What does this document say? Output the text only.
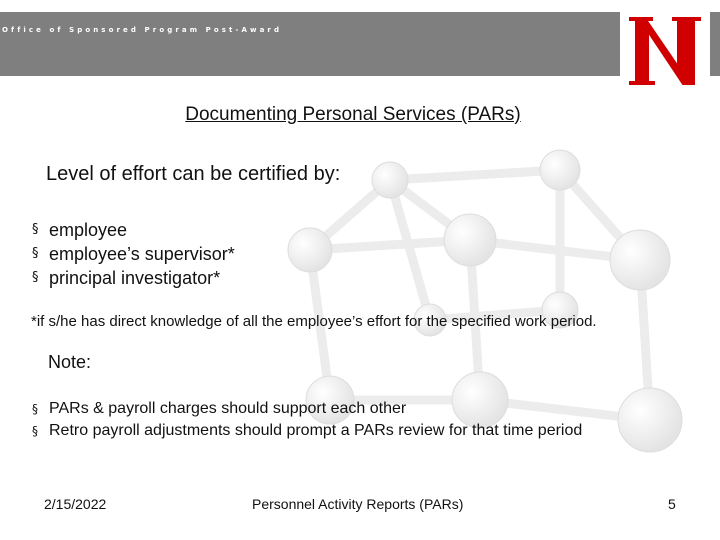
Office of Sponsored Program Post-Award
Documenting Personal Services (PARs)
Level of effort can be certified by:
§ employee
§ employee’s supervisor*
§ principal investigator*
*if s/he has direct knowledge of all the employee’s effort for the specified work period.
Note:
§ PARs & payroll charges should support each other
§ Retro payroll adjustments should prompt a PARs review for that time period
2/15/2022	Personnel Activity Reports (PARs)	5
